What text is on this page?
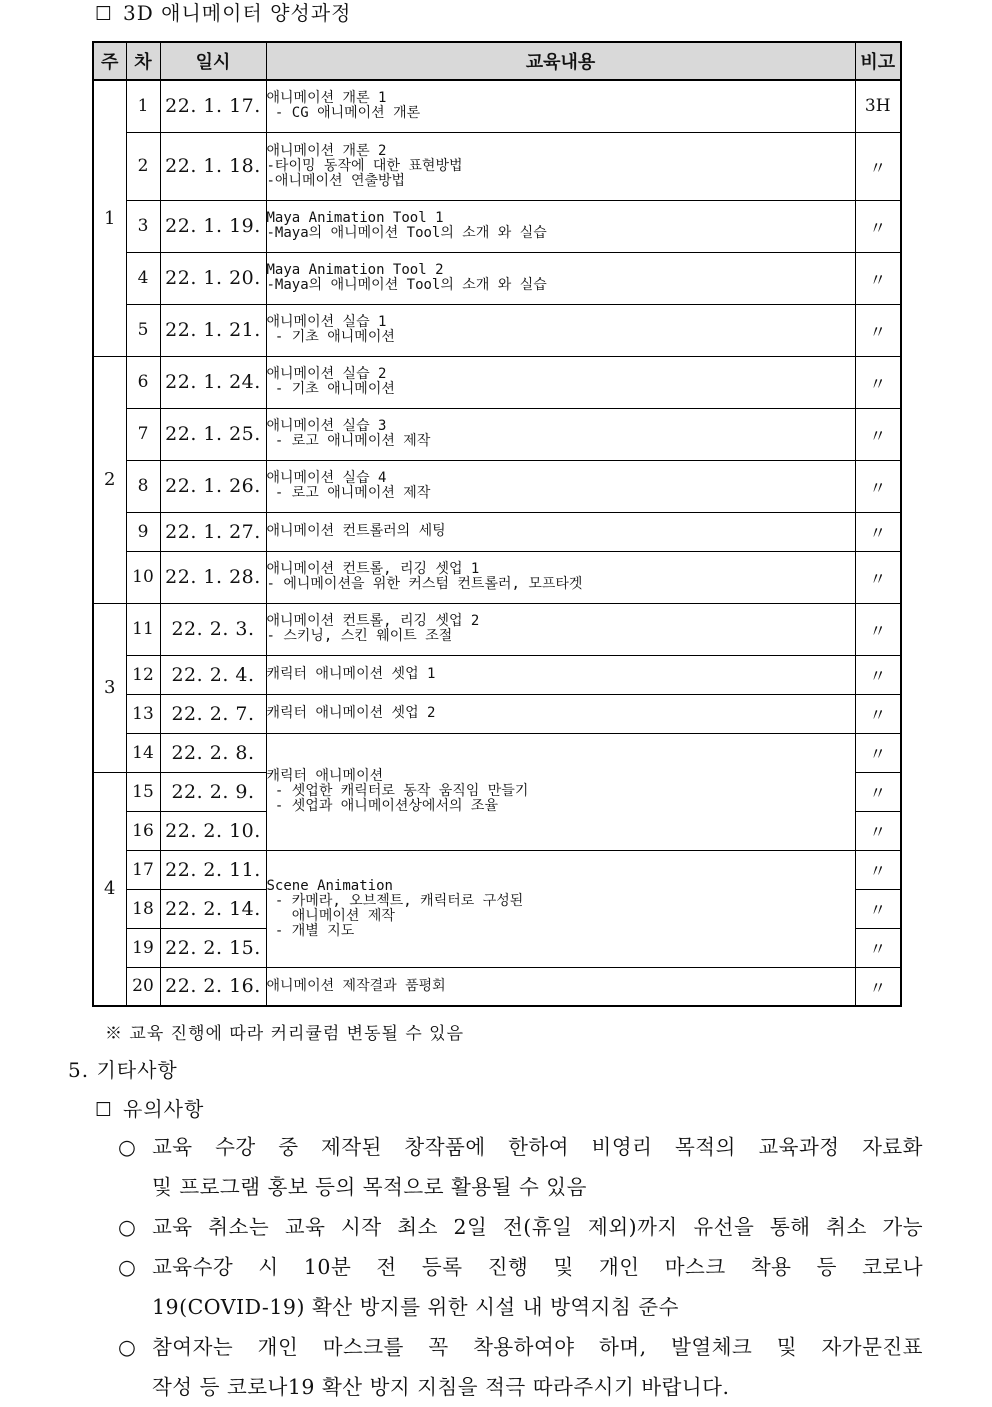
☐ 3D 애니메이터 양성과정
주	차	일시	교육내용	비고
1	1	22. 1. 17.	애니메이션 개론 1
- CG 애니메이션 개론	3H
	2	22. 1. 18.	애니메이션 개론 2
-타이밍 동작에 대한 표현방법
-애니메이션 연출방법	〃
	3	22. 1. 19.	Maya Animation Tool 1
-Maya의 애니메이션 Tool의 소개 와 실습	〃
	4	22. 1. 20.	Maya Animation Tool 2
-Maya의 애니메이션 Tool의 소개 와 실습	〃
	5	22. 1. 21.	애니메이션 실습 1
- 기초 애니메이션	〃
2	6	22. 1. 24.	애니메이션 실습 2
- 기초 애니메이션	〃
	7	22. 1. 25.	애니메이션 실습 3
- 로고 애니메이션 제작	〃
	8	22. 1. 26.	애니메이션 실습 4
- 로고 애니메이션 제작	〃
	9	22. 1. 27.	애니메이션 컨트롤러의 세팅	〃
	10	22. 1. 28.	애니메이션 컨트롤, 리깅 셋업 1
- 에니메이션을 위한 커스텀 컨트롤러, 모프타겟	〃
3	11	22. 2. 3.	애니메이션 컨트롤, 리깅 셋업 2
- 스키닝, 스킨 웨이트 조절	〃
	12	22. 2. 4.	캐릭터 애니메이션 셋업 1	〃
	13	22. 2. 7.	캐릭터 애니메이션 셋업 2	〃
	14	22. 2. 8.	캐릭터 애니메이션
- 셋업한 캐릭터로 동작 움직임 만들기
- 셋업과 애니메이션상에서의 조율	〃
4	15	22. 2. 9.		〃
	16	22. 2. 10.		〃
	17	22. 2. 11.	Scene Animation
- 카메라, 오브젝트, 캐릭터로 구성된
애니메이션 제작
- 개별 지도	〃
	18	22. 2. 14.		〃
	19	22. 2. 15.		〃
	20	22. 2. 16.	애니메이션 제작결과 품평회	〃
※ 교육 진행에 따라 커리큘럼 변동될 수 있음
5. 기타사항
☐ 유의사항
○ 교육 수강 중 제작된 창작품에 한하여 비영리 목적의 교육과정 자료화
및 프로그램 홍보 등의 목적으로 활용될 수 있음
○ 교육 취소는 교육 시작 최소 2일 전(휴일 제외)까지 유선을 통해 취소 가능
○ 교육수강 시 10분 전 등록 진행 및 개인 마스크 착용 등 코로나
19(COVID-19) 확산 방지를 위한 시설 내 방역지침 준수
○ 참여자는 개인 마스크를 꼭 착용하여야 하며, 발열체크 및 자가문진표
작성 등 코로나19 확산 방지 지침을 적극 따라주시기 바랍니다.
